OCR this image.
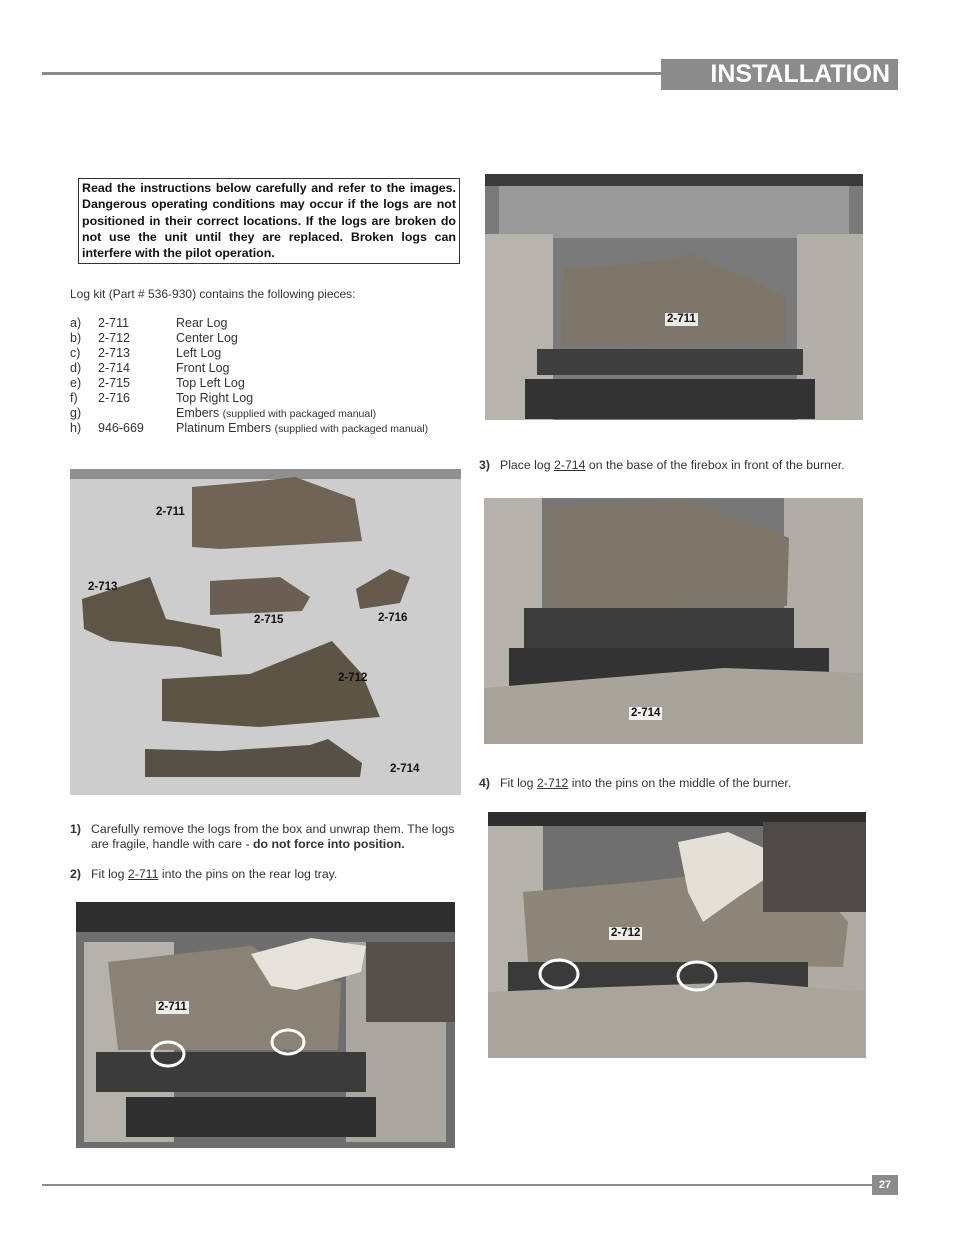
INSTALLATION
Read the instructions below carefully and refer to the images. Dangerous operating conditions may occur if the logs are not positioned in their correct locations. If the logs are broken do not use the unit until they are replaced. Broken logs can interfere with the pilot operation.
Log kit (Part # 536-930) contains the following pieces:
a) 2-711	Rear Log
b) 2-712	Center Log
c) 2-713	Left Log
d) 2-714	Front Log
e) 2-715	Top Left Log
f) 2-716	Top Right Log
g)	Embers (supplied with packaged manual)
h) 946-669	Platinum Embers (supplied with packaged manual)
2-711
2-713
2-715	2-716
2-712
2-714
1) Carefully remove the logs from the box and unwrap them. The logs
are fragile, handle with care - do not force into position.
2) Fit log 2-711 into the pins on the rear log tray.
2-711
2-711
3) Place log 2-714 on the base of the firebox in front of the burner.
2-714
4) Fit log 2-712 into the pins on the middle of the burner.
2-712
27
